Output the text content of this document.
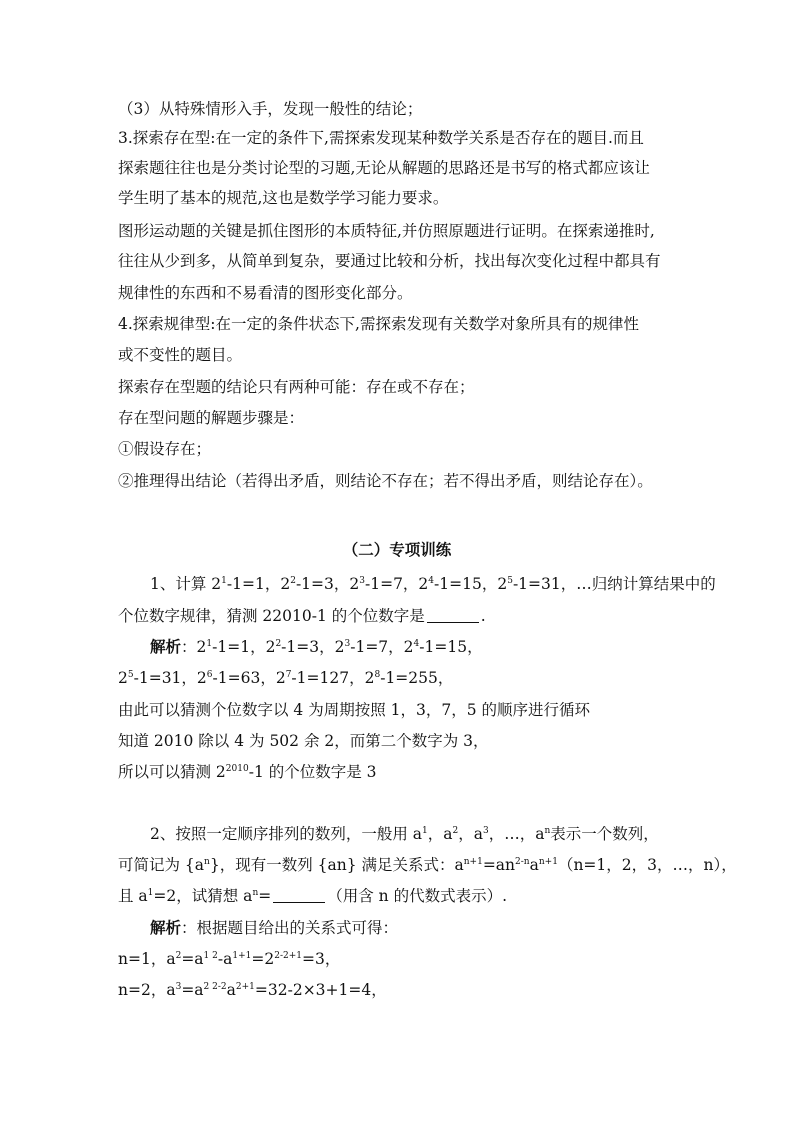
（3）从特殊情形入手，发现一般性的结论；
3.探索存在型:在一定的条件下,需探索发现某种数学关系是否存在的题目.而且
探索题往往也是分类讨论型的习题,无论从解题的思路还是书写的格式都应该让
学生明了基本的规范,这也是数学学习能力要求。
图形运动题的关键是抓住图形的本质特征,并仿照原题进行证明。在探索递推时,
往往从少到多，从简单到复杂，要通过比较和分析，找出每次变化过程中都具有
规律性的东西和不易看清的图形变化部分。
4.探索规律型:在一定的条件状态下,需探索发现有关数学对象所具有的规律性
或不变性的题目。
探索存在型题的结论只有两种可能：存在或不存在；
存在型问题的解题步骤是：
①假设存在；
②推理得出结论（若得出矛盾，则结论不存在；若不得出矛盾，则结论存在）。
（二）专项训练
1、计算 $2^1-1=1$，$2^2-1=3$，$2^3-1=7$，$2^4-1=15$，$2^5-1=31$，…归纳计算结果中的
个位数字规律，猜测 22010-1 的个位数字是	.
解析：$2^1-1=1$，$2^2-1=3$，$2^3-1=7$，$2^4-1=15$，
$2^5-1=31$，$2^6-1=63$，$2^7-1=127$，$2^8-1=255$，
由此可以猜测个位数字以 4 为周期按照 1，3，7，5 的顺序进行循环
知道 2010 除以 4 为 502 余 2，而第二个数字为 3，
所以可以猜测 $2^{2010}-1$ 的个位数字是 3
2、按照一定顺序排列的数列，一般用 $a^1$，$a^2$，$a^3$，…，$a^n$表示一个数列，
可简记为 $\{a^n\}$，现有一数列 {an} 满足关系式：$a^{n+1}=an^{2-n}a^{n+1}(n=1$，2，3，…，n），
且 $a^1=2$，试猜想 $a^n=$	（用含 n 的代数式表示）.
解析：根据题目给出的关系式可得：
n=1，$a^2=a^{1 2}-a^{1+1}=2^{2-2+1}=3$，
n=2，$a^3=a^{2 2-2}a^{2+1}=32-2\times 3+1=4$，
